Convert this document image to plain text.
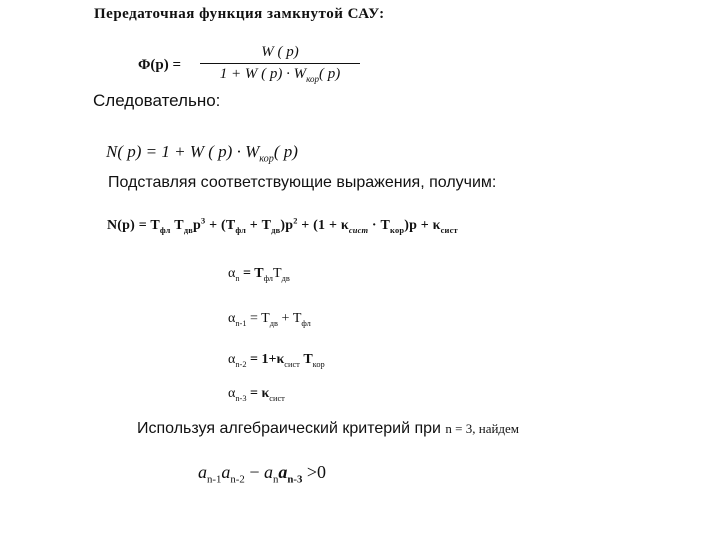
Передаточная функция замкнутой САУ:
Φ(p) =
W ( p)
1 + W ( $p) \cdot W_{кор}$( p)
Следовательно:
N( p) = 1 + W ( $p) \cdot W_{кор}$( p)
Подставляя соответствующие выражения, получим:
$N(p) = T_{фл}$ $T_{дв}p^3 + (T_{фл} + T_{дв})p^2 + (1 + \kappa_{сист} \cdot T_{кор})p + \kappa_{сист}$
$\alpha_n = T_{фл}T_{дв}$
$\alpha_{n-1} = T_{дв} + T_{фл}$
$\alpha_{n-2} = 1+\kappa_{сист}$ $T_{кор}$
$\alpha_{n-3} = \kappa_{сист}$
Используя алгебраический критерий при n = 3, найдем
$a_{n-1}a_{n-2} - a_na_{n-3} >0$
